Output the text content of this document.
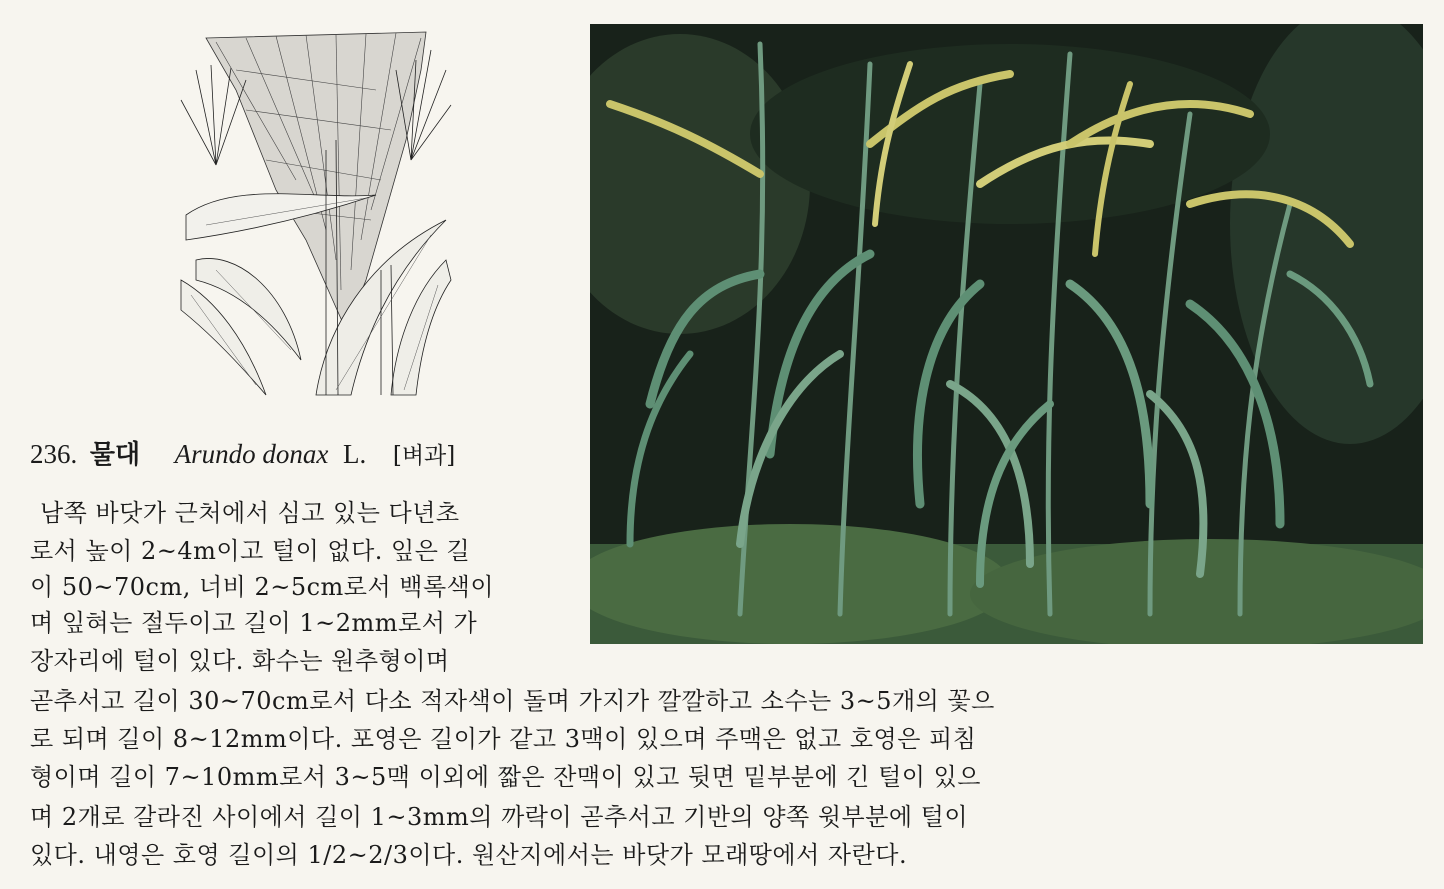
236. 물대 Arundo donax L. [벼과]
남쪽 바닷가 근처에서 심고 있는 다년초
로서 높이 2~4m이고 털이 없다. 잎은 길
이 50~70cm, 너비 2~5cm로서 백록색이
며 잎혀는 절두이고 길이 1~2mm로서 가
장자리에 털이 있다. 화수는 원추형이며
곧추서고 길이 30~70cm로서 다소 적자색이 돌며 가지가 깔깔하고 소수는 3~5개의 꽃으
로 되며 길이 8~12mm이다. 포영은 길이가 같고 3맥이 있으며 주맥은 없고 호영은 피침
형이며 길이 7~10mm로서 3~5맥 이외에 짧은 잔맥이 있고 뒷면 밑부분에 긴 털이 있으
며 2개로 갈라진 사이에서 길이 1~3mm의 까락이 곧추서고 기반의 양쪽 윗부분에 털이
있다. 내영은 호영 길이의 1/2~2/3이다. 원산지에서는 바닷가 모래땅에서 자란다.
